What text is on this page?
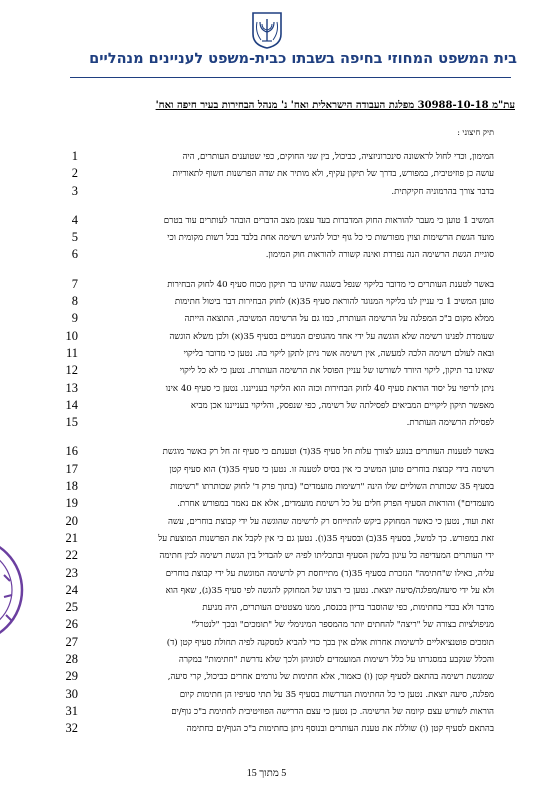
בית המשפט המחוזי בחיפה בשבתו כבית-משפט לעניינים מנהליים
עת"מ 30988-10-18 מפלגת העבודה הישראלית ואח' נ' מנהל הבחירות בעיר חיפה ואח'
תיק חיצוני :
1	המימון, וכדי לחול לראשונה סינכרוניזציה, כביכול, בין שני החוקים, כפי שטוענים העותרים, היה
2	עושה כן פוזיטיבית, במפורש, בדרך של תיקון עקיף, ולא מותיר את שדה הפרשנות חשוף לתאוריות
3	בדבר צורך בהרמוניה חקיקתית.
4	המשיב 1 טוען כי מעבר להוראות החוק המדברות בעד עצמן מצב הדברים הובהר לעותרים עוד בטרם
5	מועד הגשת הרשימות וצוין מפורשות כי כל גוף יכול להגיש רשימה אחת בלבד בכל רשות מקומית וכי
6	סוגיית הגשת הרשימה הנה נפרדת ואינה קשורה להוראות חוק המימון.
7	באשר לטענת העותרים כי מדובר בליקוי שנפל בשגגה שהינו בר תיקון מכוח סעיף 40 לחוק הבחירות
8	טוען המשיב 1 כי עניין לנו בליקוי המנוגד להוראת סעיף 35(א) לחוק הבחירות דבר ביטול חתימות
9	ממלא מקום ב"כ המפלגה על הרשימה העותרת, כמו גם על הרשימה המשיבה, התוצאה הייתה
10	שעומדת לפנינו רשימה שלא הוגשה על ידי אחד מהגופים המנויים בסעיף 35(א) ולכן משלא הוגשה
11	ובאה לעולם רשימה הלכה למעשה, אין רשימה אשר ניתן לתקן ליקוי בה. נטען כי מדובר בליקוי
12	שאינו בר תיקון, ליקוי היורד לשורשו של עניין הפוסל את הרשימה העותרת. נטען כי לא כל ליקוי
13	ניתן לריפוי על יסוד הוראת סעיף 40 לחוק הבחירות וכזה הוא הליקוי בענייננו. נטען כי סעיף 40 אינו
14	מאפשר תיקון ליקויים המביאים לפסילתה של רשימה, כפי שנפסק, והליקוי בענייננו אכן מביא
15	לפסילת הרשימה העותרת.
16	באשר לטענות העותרים בנוגע לצורך עלות חל סעיף 35(ד) וטענתם כי סעיף זה חל רק כאשר מוגשת
17	רשימה בידי קבוצת בוחרים טוען המשיב כי אין בסיס לטענה זו. נטען כי סעיף 35(ד) הוא סעיף קטן
18	בסעיף 35 שכותרת השוליים שלו הינה "רשימות מועמדים" (בתוך פרק ד' לחוק שכותרתו "רשימות
19	מועמדים") והוראות הסעיף הפרק חלים על כל רשימת מועמדים, אלא אם נאמר במפורש אחרת.
20	זאת ועוד, נטען כי כאשר המחוקק ביקש להתייחס רק לרשימה שהוגשה על ידי קבוצת בוחרים, עשה
21	זאת במפורש. כך למשל, בסעיף 35(ב) ובסעיף 35(ו). נטען גם כי אין לקבל את הפרשנות המוצעת על
22	ידי העותרים המעדיפה כל עיגון בלשון הסעיף ובתכליתו לפיה יש להבדיל בין הגשת רשימה לבין חתימה
23	עליה, כאילו ש"חתימה" הנזכרת בסעיף 35(ד) מתייחסת רק לרשימה המוגשת על ידי קבוצת בוחרים
24	ולא על ידי סיעה/מפלגה/סיעה יוצאת. נטען כי רצונו של המחוקק להגשה לפי סעיף 35(ג), שאף הוא
25	מדבר ולא בכדי בחתימות, כפי שהוסבר בדיון בכנסת, ממנו מצטטים העותרים, היה מניעת
26	מניפולציות בצורה של "ריצה" להחתים יותר מהמספר המינימלי של "תומכים" ובכך "לנטרל"
27	תומכים פוטנציאליים לרשימות אחרות אולם אין בכך כדי להביא למסקנה לפיה תחולת סעיף קטן (ד)
28	והכלל שנקבע במסגרתו על כלל רשימות המועמדים לסוגיהן ולכך שלא נדרשת "חתימות" במקרה
29	שמוגשת רשימה בהתאם לסעיף קטן (ו) כאמור, אלא חתימות של גורמים אחרים כביכול, קרי סיעה,
30	מפלגה, סיעה יוצאת. נטען כי כל החתימות הנדרשות בסעיף 35 על תתי סעיפיו הן חתימות קיום
31	הוראות לשורש עצם קיומה של הרשימה. כן נטען כי עצם הדרישה הפוזיטיבית לחתימת ב"כ גוף/ים
32	בהתאם לסעיף קטן (ו) שוללת את טענת העותרים ובנוסף ניתן בחתימות ב"כ הגוף/ים כחתימה
5 מתוך 15
